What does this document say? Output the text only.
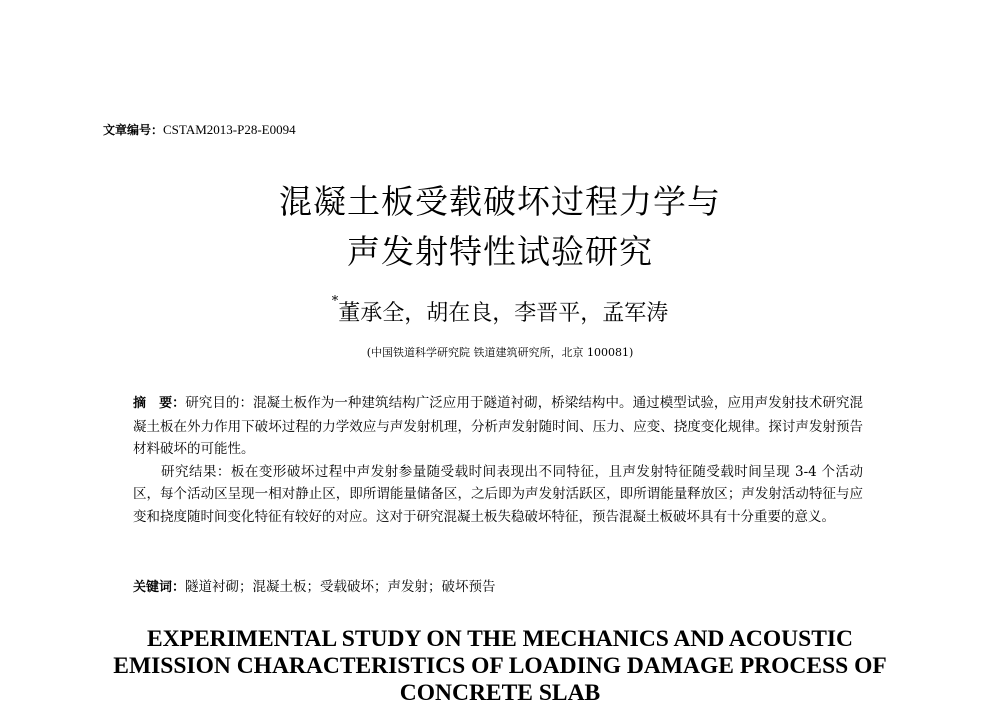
文章编号：CSTAM2013-P28-E0094
混凝土板受载破坏过程力学与
声发射特性试验研究
*董承全，胡在良，李晋平，孟军涛
(中国铁道科学研究院 铁道建筑研究所，北京 100081)

摘　要：研究目的：混凝土板作为一种建筑结构广泛应用于隧道衬砌，桥梁结构中。通过模型试验，应用声发射技术研究混凝土板在外力作用下破坏过程的力学效应与声发射机理，分析声发射随时间、压力、应变、挠度变化规律。探讨声发射预告材料破坏的可能性。

研究结果：板在变形破坏过程中声发射参量随受载时间表现出不同特征，且声发射特征随受载时间呈现 3-4 个活动区，每个活动区呈现一相对静止区，即所谓能量储备区，之后即为声发射活跃区，即所谓能量释放区；声发射活动特征与应变和挠度随时间变化特征有较好的对应。这对于研究混凝土板失稳破坏特征，预告混凝土板破坏具有十分重要的意义。

关键词：隧道衬砌；混凝土板；受载破坏；声发射；破坏预告
EXPERIMENTAL STUDY ON THE MECHANICS AND ACOUSTIC
EMISSION CHARACTERISTICS OF LOADING DAMAGE PROCESS OF
CONCRETE SLAB
